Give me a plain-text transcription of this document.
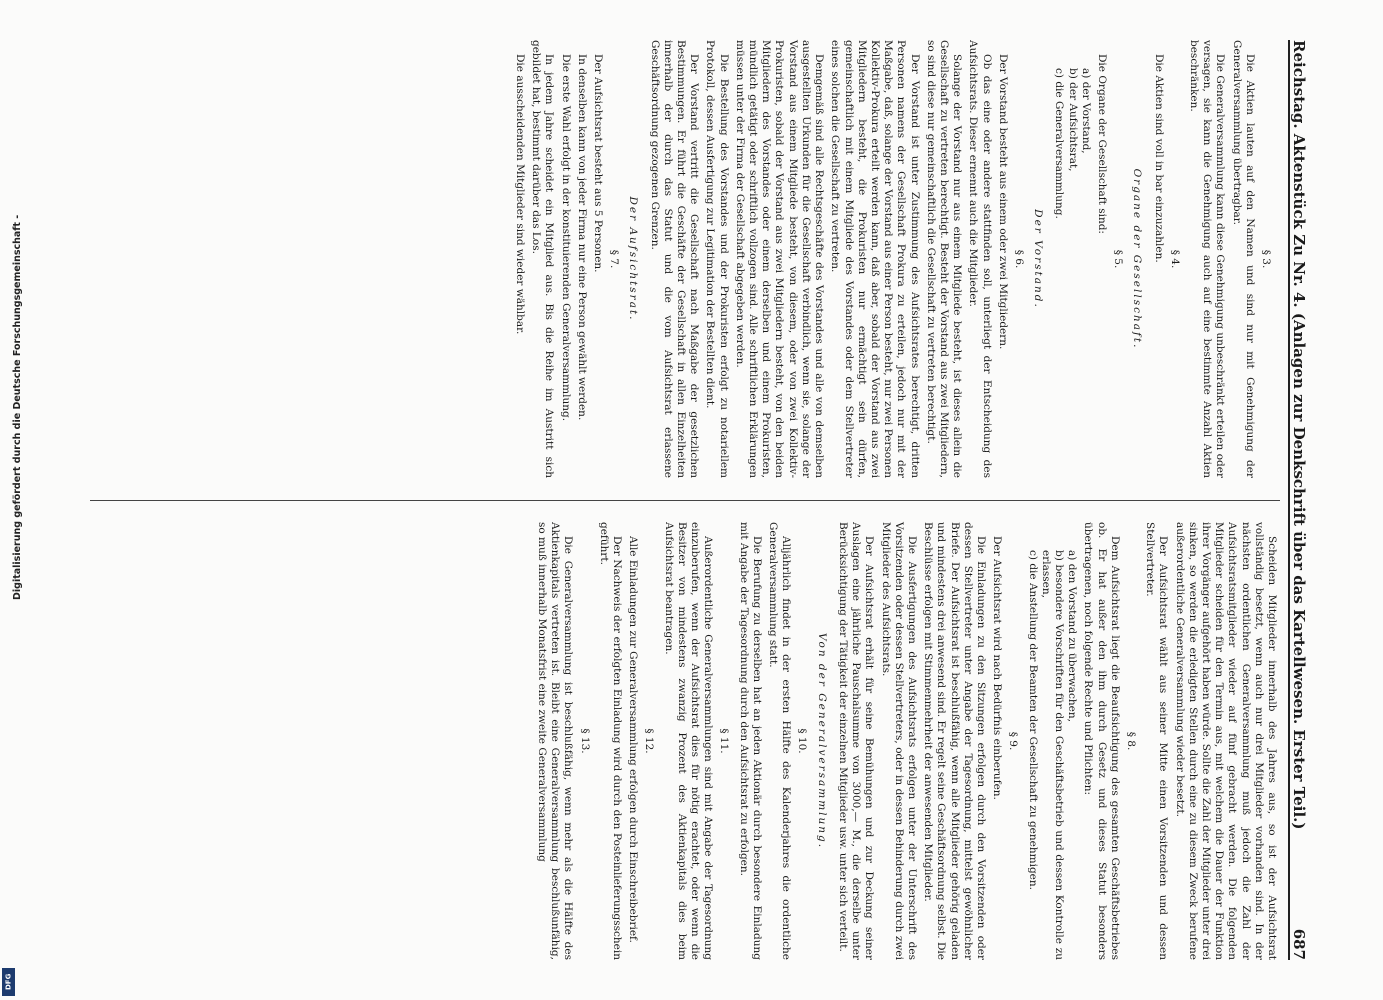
Digitalisierung gefördert durch die Deutsche Forschungsgemeinschaft -
DFG
Reichstag. Aktenstück Zu Nr. 4. (Anlagen zur Denkschrift über das Kartellwesen. Erster Teil.)
687
§ 3.

Die Aktien lauten auf den Namen und sind nur mit Genehmigung der Generalversammlung übertragbar.

Die Generalversammlung kann diese Genehmigung unbeschränkt erteilen oder versagen, sie kann die Genehmigung auch auf eine bestimmte Anzahl Aktien beschränken.

§ 4.

Die Aktien sind voll in bar einzuzahlen.

Organe der Gesellschaft.
§ 5.

Die Organe der Gesellschaft sind:

a) der Vorstand,
b) der Aufsichtsrat,
c) die Generalversammlung.
Der Vorstand.
§ 6.

Der Vorstand besteht aus einem oder zwei Mitgliedern.

Ob das eine oder andere stattfinden soll, unterliegt der Entscheidung des Aufsichtsrats. Dieser ernennt auch die Mitglieder.

Solange der Vorstand nur aus einem Mitgliede besteht, ist dieses allein die Gesellschaft zu vertreten berechtigt. Besteht der Vorstand aus zwei Mitgliedern, so sind diese nur gemeinschaftlich die Gesellschaft zu vertreten berechtigt.

Der Vorstand ist unter Zustimmung des Aufsichtsrates berechtigt, dritten Personen namens der Gesellschaft Prokura zu erteilen, jedoch nur mit der Maßgabe, daß, solange der Vorstand aus einer Person besteht, nur zwei Personen Kollektiv-Prokura erteilt werden kann, daß aber, sobald der Vorstand aus zwei Mitgliedern besteht, die Prokuristen nur ermächtigt sein dürfen, gemeinschaftlich mit einem Mitgliede des Vorstandes oder dem Stellvertreter eines solchen die Gesellschaft zu vertreten.

Demgemäß sind alle Rechtsgeschäfte des Vorstandes und alle von demselben ausgestellten Urkunden für die Gesellschaft verbindlich, wenn sie, solange der Vorstand aus einem Mitgliede besteht, von diesem, oder von zwei Kollektiv-Prokuristen, sobald der Vorstand aus zwei Mitgliedern besteht, von den beiden Mitgliedern des Vorstandes oder einem derselben und einem Prokuristen, mündlich getätigt oder schriftlich vollzogen sind. Alle schriftlichen Erklärungen müssen unter der Firma der Gesellschaft abgegeben werden.

Die Bestellung des Vorstandes und der Prokuristen erfolgt zu notariellem Protokoll, dessen Ausfertigung zur Legitimation der Bestellten dient.

Der Vorstand vertritt die Gesellschaft nach Maßgabe der gesetzlichen Bestimmungen. Er führt die Geschäfte der Gesellschaft in allen Einzelheiten innerhalb der durch das Statut und die vom Aufsichtsrat erlassene Geschäftsordnung gezogenen Grenzen.

Der Aufsichtsrat.
§ 7.

Der Aufsichtsrat besteht aus 5 Personen.

In denselben kann von jeder Firma nur eine Person gewählt werden.

Die erste Wahl erfolgt in der konstituierenden Generalversammlung.

In jedem Jahre scheidet ein Mitglied aus. Bis die Reihe im Austritt sich gebildet hat, bestimmt darüber das Los.

Die ausscheidenden Mitglieder sind wieder wählbar.

Scheiden Mitglieder innerhalb des Jahres aus, so ist der Aufsichtsrat vollständig besetzt, wenn auch nur drei Mitglieder vorhanden sind. In der nächsten ordentlichen Generalversammlung muß jedoch die Zahl der Aufsichtsratsmitglieder wieder auf fünf gebracht werden. Die folgenden Mitglieder scheiden für den Termin aus, mit welchem die Dauer der Funktion ihrer Vorgänger aufgehört haben würde. Sollte die Zahl der Mitglieder unter drei sinken, so werden die erledigten Stellen durch eine zu diesem Zweck berufene außerordentliche Generalversammlung wieder besetzt.

Der Aufsichtsrat wählt aus seiner Mitte einen Vorsitzenden und dessen Stellvertreter.

§ 8.

Dem Aufsichtsrat liegt die Beaufsichtigung des gesamten Geschäftsbetriebes ob. Er hat außer den ihm durch Gesetz und dieses Statut besonders übertragenen, noch folgende Rechte und Pflichten:

a) den Vorstand zu überwachen,
b) besondere Vorschriften für den Geschäftsbetrieb und dessen Kontrolle zu erlassen,
c) die Anstellung der Beamten der Gesellschaft zu genehmigen.
§ 9.

Der Aufsichtsrat wird nach Bedürfnis einberufen.

Die Einladungen zu den Sitzungen erfolgen durch den Vorsitzenden oder dessen Stellvertreter unter Angabe der Tagesordnung, mittelst gewöhnlicher Briefe. Der Aufsichtsrat ist beschlußfähig, wenn alle Mitglieder gehörig geladen und mindestens drei anwesend sind. Er regelt seine Geschäftsordnung selbst. Die Beschlüsse erfolgen mit Stimmenmehrheit der anwesenden Mitglieder.

Die Ausfertigungen des Aufsichtsrats erfolgen unter der Unterschrift des Vorsitzenden oder dessen Stellvertreters, oder in dessen Behinderung durch zwei Mitglieder des Aufsichtsrats.

Der Aufsichtsrat erhält für seine Bemühungen und zur Deckung seiner Auslagen eine jährliche Pauschalsumme von 3000,— M., die derselbe unter Berücksichtigung der Tätigkeit der einzelnen Mitglieder usw. unter sich verteilt.

Von der Generalversammlung.
§ 10.

Alljährlich findet in der ersten Hälfte des Kalenderjahres die ordentliche Generalversammlung statt.

Die Berufung zu derselben hat an jeden Aktionär durch besondere Einladung mit Angabe der Tagesordnung durch den Aufsichtsrat zu erfolgen.

§ 11.

Außerordentliche Generalversammlungen sind mit Angabe der Tagesordnung einzuberufen, wenn der Aufsichtsrat dies für nötig erachtet, oder wenn die Besitzer von mindestens zwanzig Prozent des Aktienkapitals dies beim Aufsichtsrat beantragen.

§ 12.

Alle Einladungen zur Generalversammlung erfolgen durch Einschreibebrief.

Der Nachweis der erfolgten Einladung wird durch den Posteinlieferungsschein geführt.

§ 13.

Die Generalversammlung ist beschlußfähig, wenn mehr als die Hälfte des Aktienkapitals vertreten ist. Bleibt eine Generalversammlung beschlußunfähig, so muß innerhalb Monatsfrist eine zweite Generalversammlung
